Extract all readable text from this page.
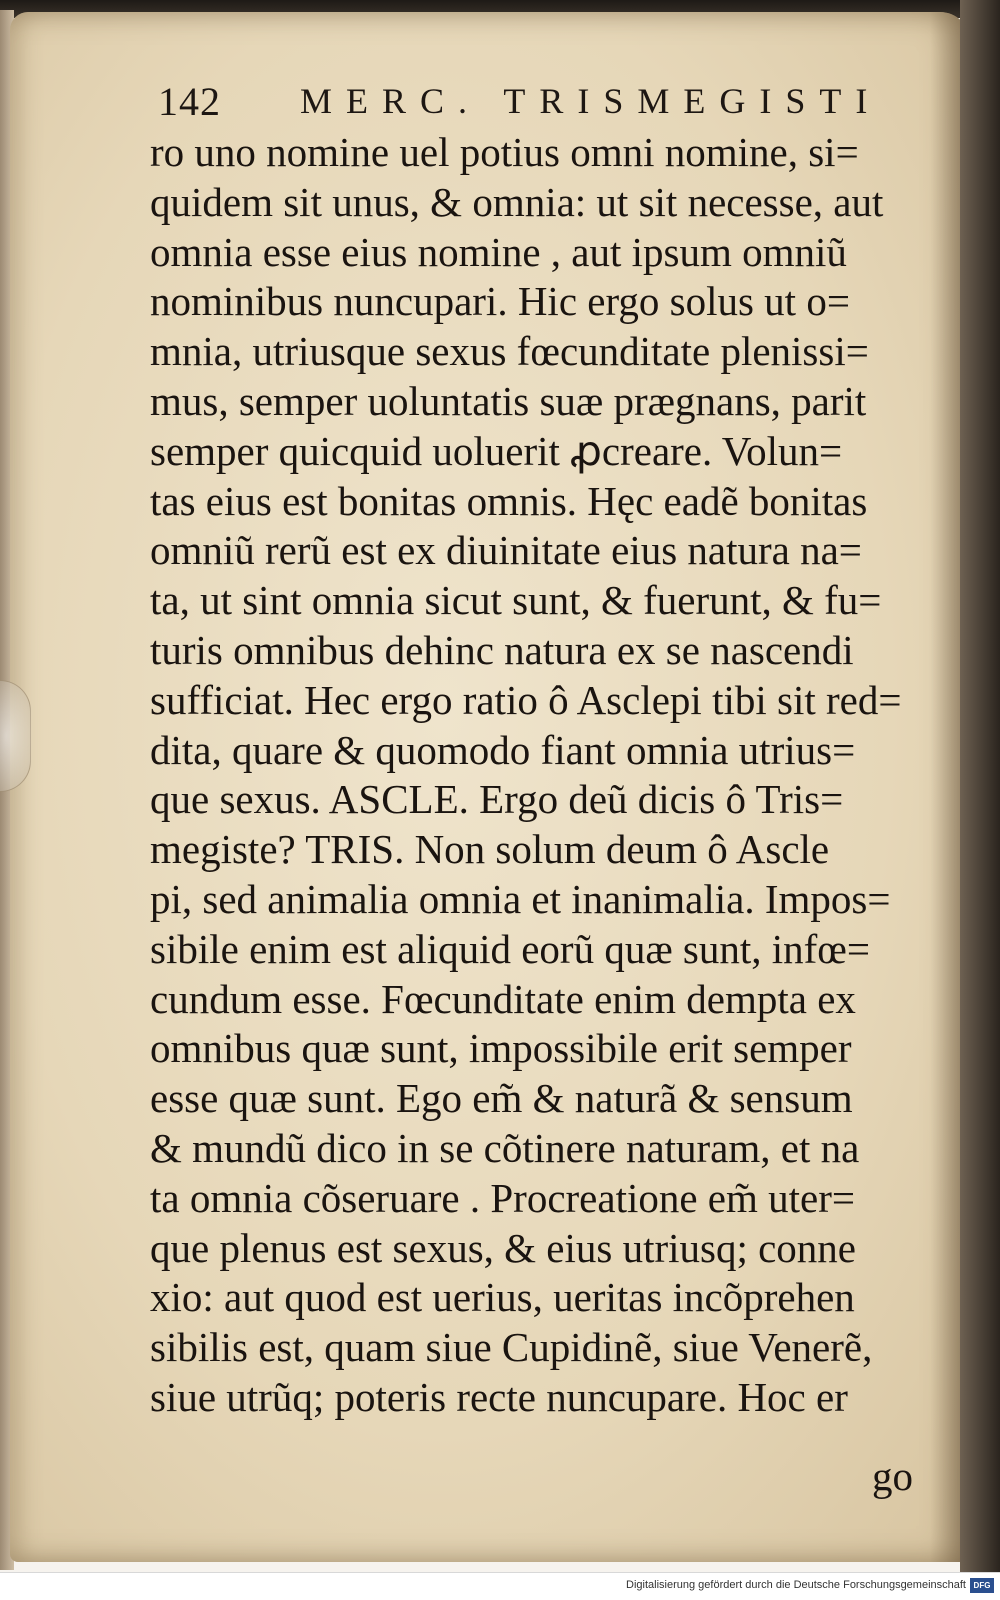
142 MERC. TRISMEGISTI
ro uno nomine uel potius omni nomine, si=
quidem sit unus, & omnia: ut sit necesse, aut
omnia esse eius nomine , aut ipsum omniũ
nominibus nuncupari. Hic ergo solus ut o=
mnia, utriusque sexus fœcunditate plenissi=
mus, semper uoluntatis suæ prægnans, parit
semper quicquid uoluerit ꝓcreare. Volun=
tas eius est bonitas omnis. Hęc eadẽ bonitas
omniũ rerũ est ex diuinitate eius natura na=
ta, ut sint omnia sicut sunt, & fuerunt, & fu=
turis omnibus dehinc natura ex se nascendi
sufficiat. Hec ergo ratio ô Asclepi tibi sit red=
dita, quare & quomodo fiant omnia utrius=
que sexus. ASCLE. Ergo deũ dicis ô Tris=
megiste? TRIS. Non solum deum ô Ascle
pi, sed animalia omnia et inanimalia. Impos=
sibile enim est aliquid eorũ quæ sunt, infœ=
cundum esse. Fœcunditate enim dempta ex
omnibus quæ sunt, impossibile erit semper
esse quæ sunt. Ego em̃ & naturã & sensum
& mundũ dico in se cõtinere naturam, et na
ta omnia cõseruare . Procreatione em̃ uter=
que plenus est sexus, & eius utriusq; conne
xio: aut quod est uerius, ueritas incõprehen
sibilis est, quam siue Cupidinẽ, siue Venerẽ,
siue utrũq; poteris recte nuncupare. Hoc er
go
Digitalisierung gefördert durch die Deutsche Forschungsgemeinschaft DFG
